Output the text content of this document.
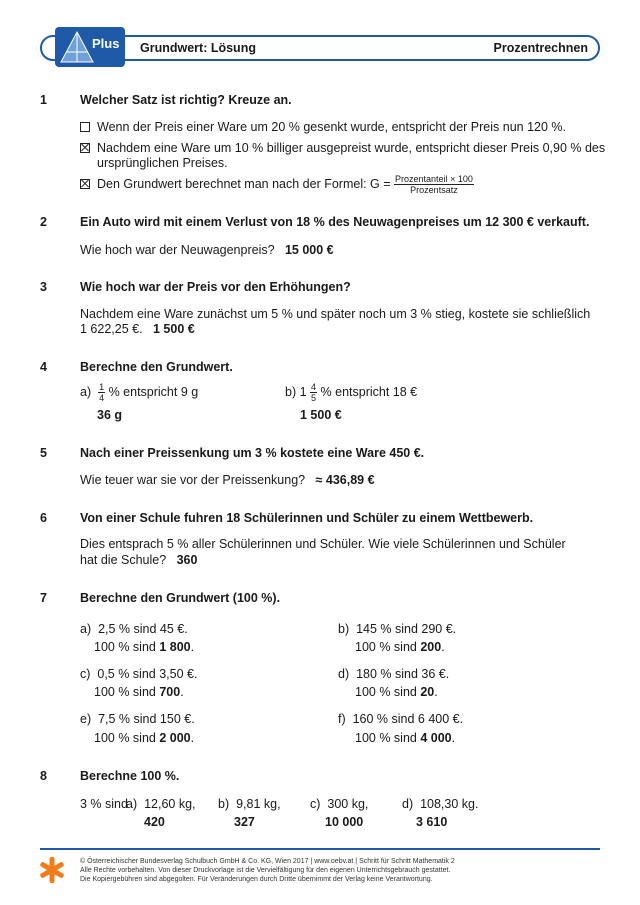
Plus Grundwert: Lösung	Prozentrechnen
1	Welcher Satz ist richtig? Kreuze an.
Wenn der Preis einer Ware um 20 % gesenkt wurde, entspricht der Preis nun 120 %.
Nachdem eine Ware um 10 % billiger ausgepreist wurde, entspricht dieser Preis 0,90 % des
ursprünglichen Preises.
Den Grundwert berechnet man nach der Formel: $G = \frac{\text{Prozentanteil × 100}}{\text{Prozentsatz}}$
2	Ein Auto wird mit einem Verlust von 18 % des Neuwagenpreises um 12 300 € verkauft.
Wie hoch war der Neuwagenpreis? 15 000 €
3	Wie hoch war der Preis vor den Erhöhungen?
Nachdem eine Ware zunächst um 5 % und später noch um 3 % stieg, kostete sie schließlich
1 622,25 €. 1 500 €
4	Berechne den Grundwert.
$a) \frac{1}{4}$ % entspricht 9 g
36 g
b) $1 \frac{4}{5}$ % entspricht 18 €
1 500 €
5	Nach einer Preissenkung um 3 % kostete eine Ware 450 €.
Wie teuer war sie vor der Preissenkung? ≈ 436,89 €
6	Von einer Schule fuhren 18 Schülerinnen und Schüler zu einem Wettbewerb.
Dies entsprach 5 % aller Schülerinnen und Schüler. Wie viele Schülerinnen und Schüler
hat die Schule? 360
7	Berechne den Grundwert (100 %).
a) 2,5 % sind 45 €.
100 % sind 1 800.
b) 145 % sind 290 €.
100 % sind 200.
c) 0,5 % sind 3,50 €.
100 % sind 700.
d) 180 % sind 36 €.
100 % sind 20.
e) 7,5 % sind 150 €.
100 % sind 2 000.
f) 160 % sind 6 400 €.
100 % sind 4 000.
8	Berechne 100 %.
3 % sind
a) 12,60 kg,
420
b) 9,81 kg,
327
c) 300 kg,
10 000
d) 108,30 kg.
3 610
© Österreichischer Bundesverlag Schulbuch GmbH & Co. KG, Wien 2017 | www.oebv.at | Schritt für Schritt Mathematik 2
Alle Rechte vorbehalten. Von dieser Druckvorlage ist die Vervielfältigung für den eigenen Unterrichtsgebrauch gestattet.
Die Kopiergebühren sind abgegolten. Für Veränderungen durch Dritte übernimmt der Verlag keine Verantwortung.
